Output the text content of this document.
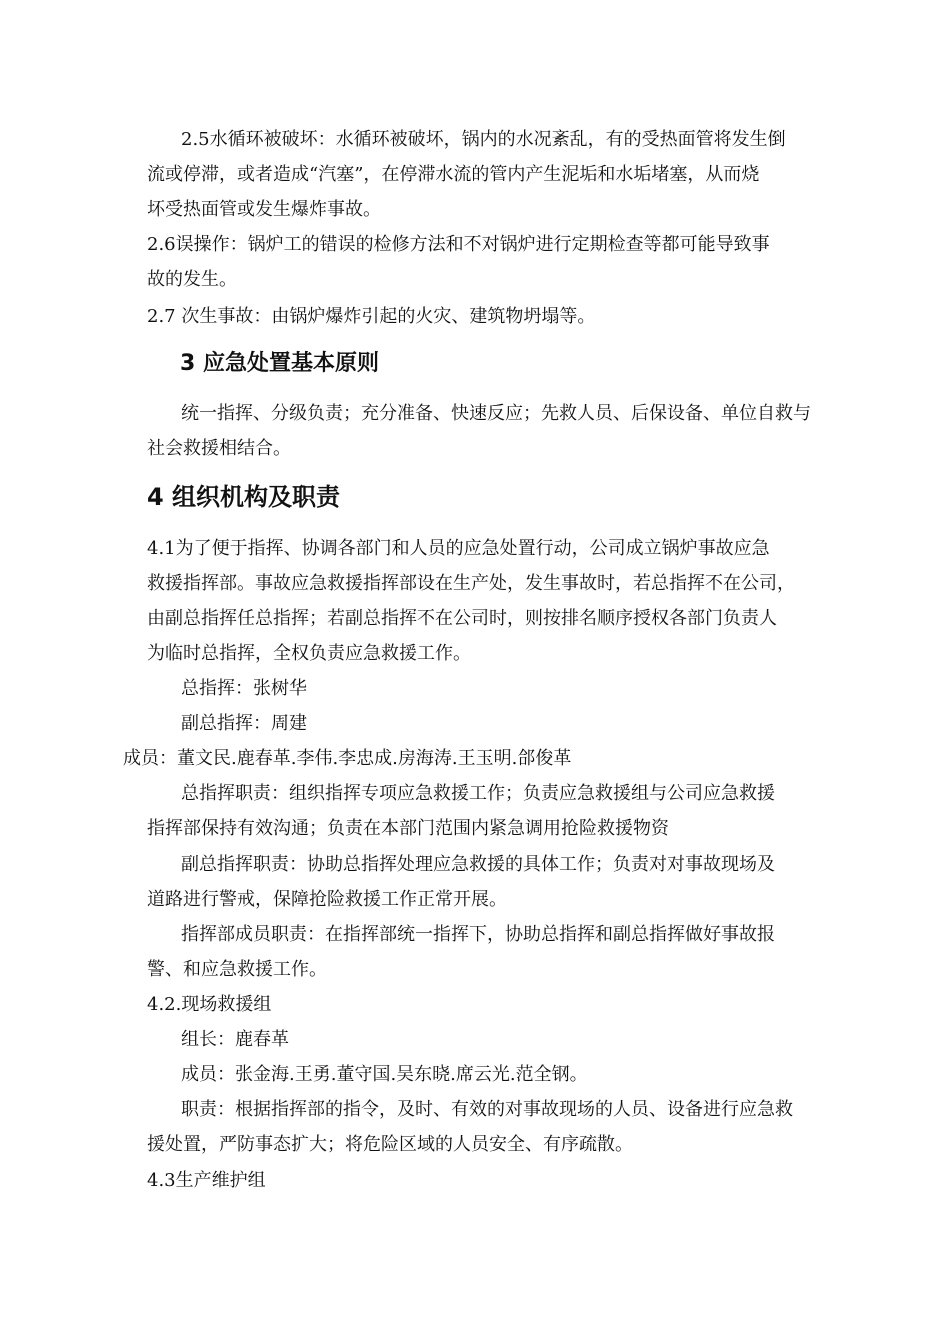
2.5水循环被破坏：水循环被破坏，锅内的水况紊乱，有的受热面管将发生倒
流或停滞，或者造成“汽塞”，在停滞水流的管内产生泥垢和水垢堵塞，从而烧
坏受热面管或发生爆炸事故。
2.6误操作：锅炉工的错误的检修方法和不对锅炉进行定期检查等都可能导致事
故的发生。
2.7 次生事故：由锅炉爆炸引起的火灾、建筑物坍塌等。
3 应急处置基本原则
统一指挥、分级负责；充分准备、快速反应；先救人员、后保设备、单位自救与
社会救援相结合。
4 组织机构及职责
4.1为了便于指挥、协调各部门和人员的应急处置行动，公司成立锅炉事故应急
救援指挥部。事故应急救援指挥部设在生产处，发生事故时，若总指挥不在公司，
由副总指挥任总指挥；若副总指挥不在公司时，则按排名顺序授权各部门负责人
为临时总指挥，全权负责应急救援工作。
总指挥：张树华
副总指挥：周建
成员：董文民.鹿春革.李伟.李忠成.房海涛.王玉明.郃俊革
总指挥职责：组织指挥专项应急救援工作；负责应急救援组与公司应急救援
指挥部保持有效沟通；负责在本部门范围内紧急调用抢险救援物资
副总指挥职责：协助总指挥处理应急救援的具体工作；负责对对事故现场及
道路进行警戒，保障抢险救援工作正常开展。
指挥部成员职责：在指挥部统一指挥下，协助总指挥和副总指挥做好事故报
警、和应急救援工作。
4.2.现场救援组
组长：鹿春革
成员：张金海.王勇.董守国.吴东晓.席云光.范全钢。
职责：根据指挥部的指令，及时、有效的对事故现场的人员、设备进行应急救
援处置，严防事态扩大；将危险区域的人员安全、有序疏散。
4.3生产维护组
